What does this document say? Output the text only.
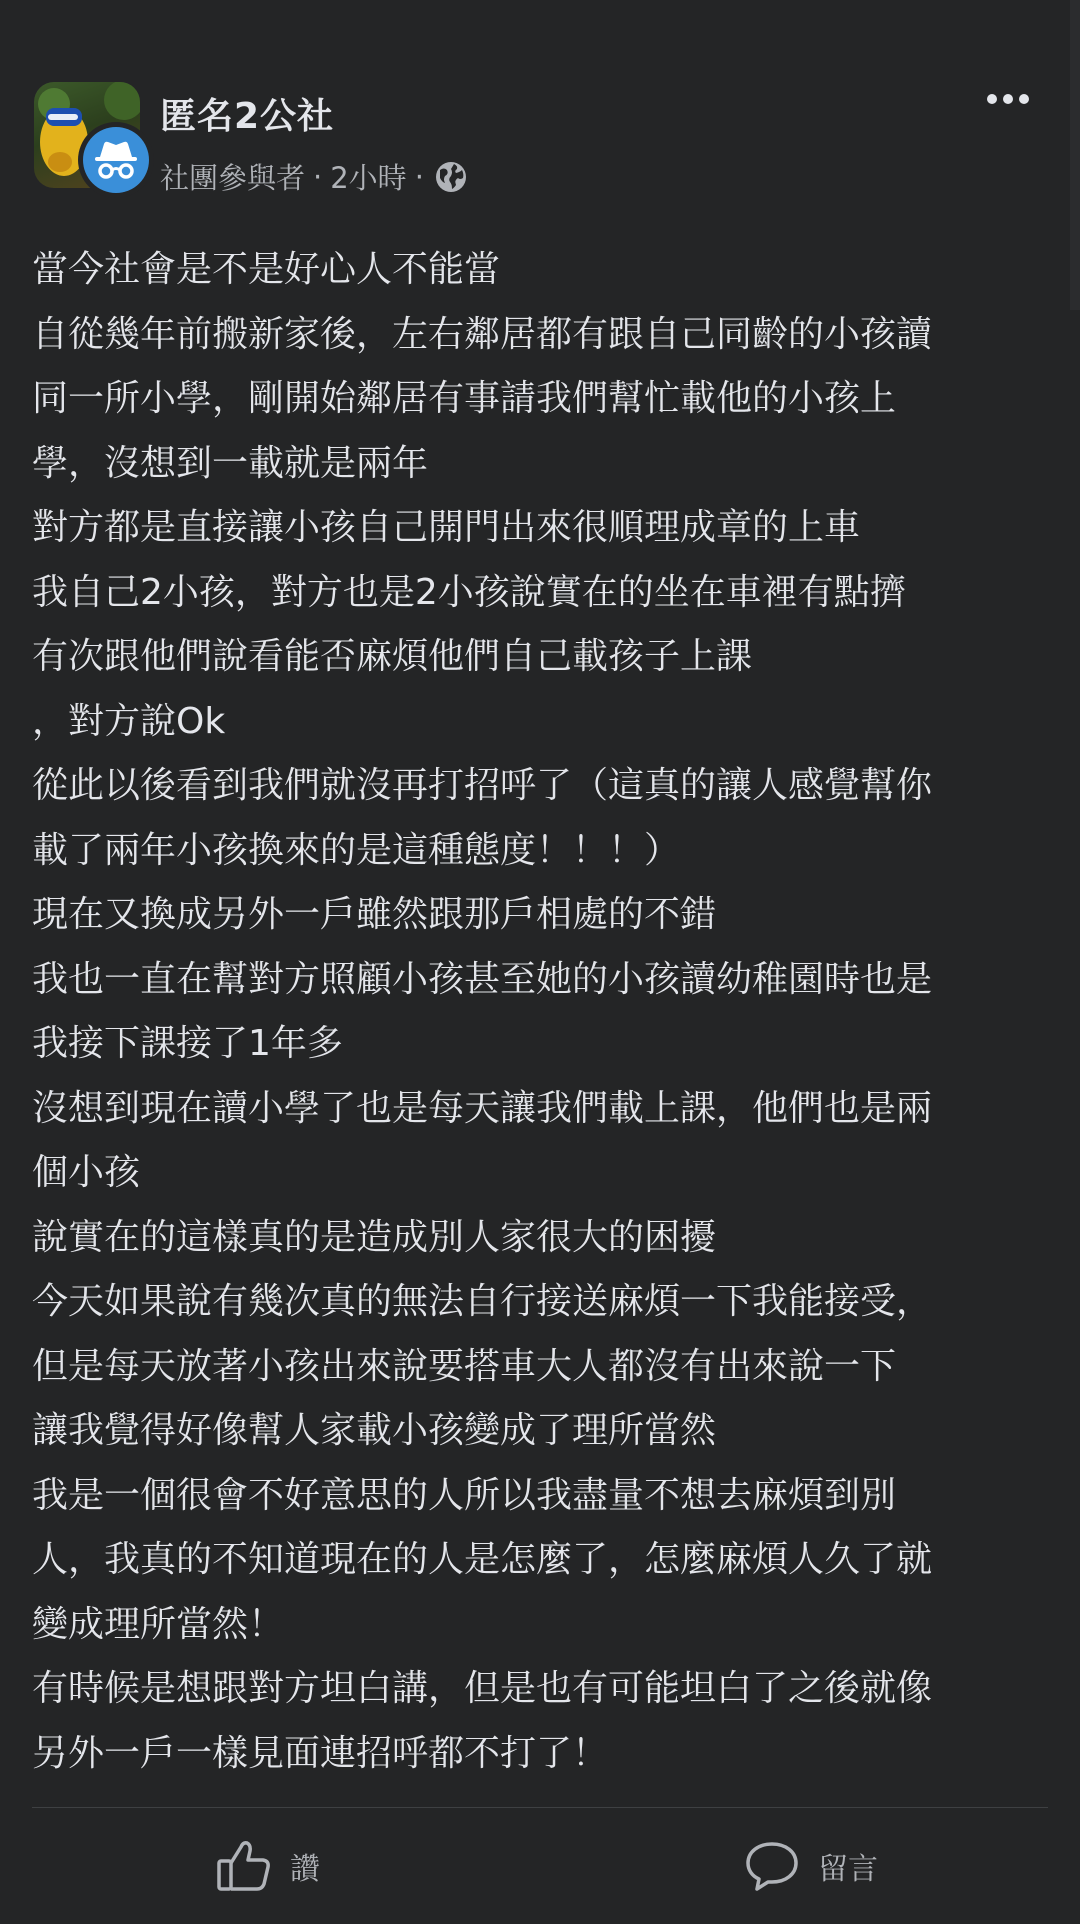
匿名2公社
社團參與者 · 2小時 ·
當今社會是不是好心人不能當
自從幾年前搬新家後，左右鄰居都有跟自己同齡的小孩讀
同一所小學，剛開始鄰居有事請我們幫忙載他的小孩上
學，沒想到一載就是兩年
對方都是直接讓小孩自己開門出來很順理成章的上車
我自己2小孩，對方也是2小孩說實在的坐在車裡有點擠
有次跟他們說看能否麻煩他們自己載孩子上課
，對方說Ok
從此以後看到我們就沒再打招呼了（這真的讓人感覺幫你
載了兩年小孩換來的是這種態度！！！）
現在又換成另外一戶雖然跟那戶相處的不錯
我也一直在幫對方照顧小孩甚至她的小孩讀幼稚園時也是
我接下課接了1年多
沒想到現在讀小學了也是每天讓我們載上課，他們也是兩
個小孩
說實在的這樣真的是造成別人家很大的困擾
今天如果說有幾次真的無法自行接送麻煩一下我能接受，
但是每天放著小孩出來說要搭車大人都沒有出來說一下
讓我覺得好像幫人家載小孩變成了理所當然
我是一個很會不好意思的人所以我盡量不想去麻煩到別
人，我真的不知道現在的人是怎麼了，怎麼麻煩人久了就
變成理所當然！
有時候是想跟對方坦白講，但是也有可能坦白了之後就像
另外一戶一樣見面連招呼都不打了！
讚	留言
